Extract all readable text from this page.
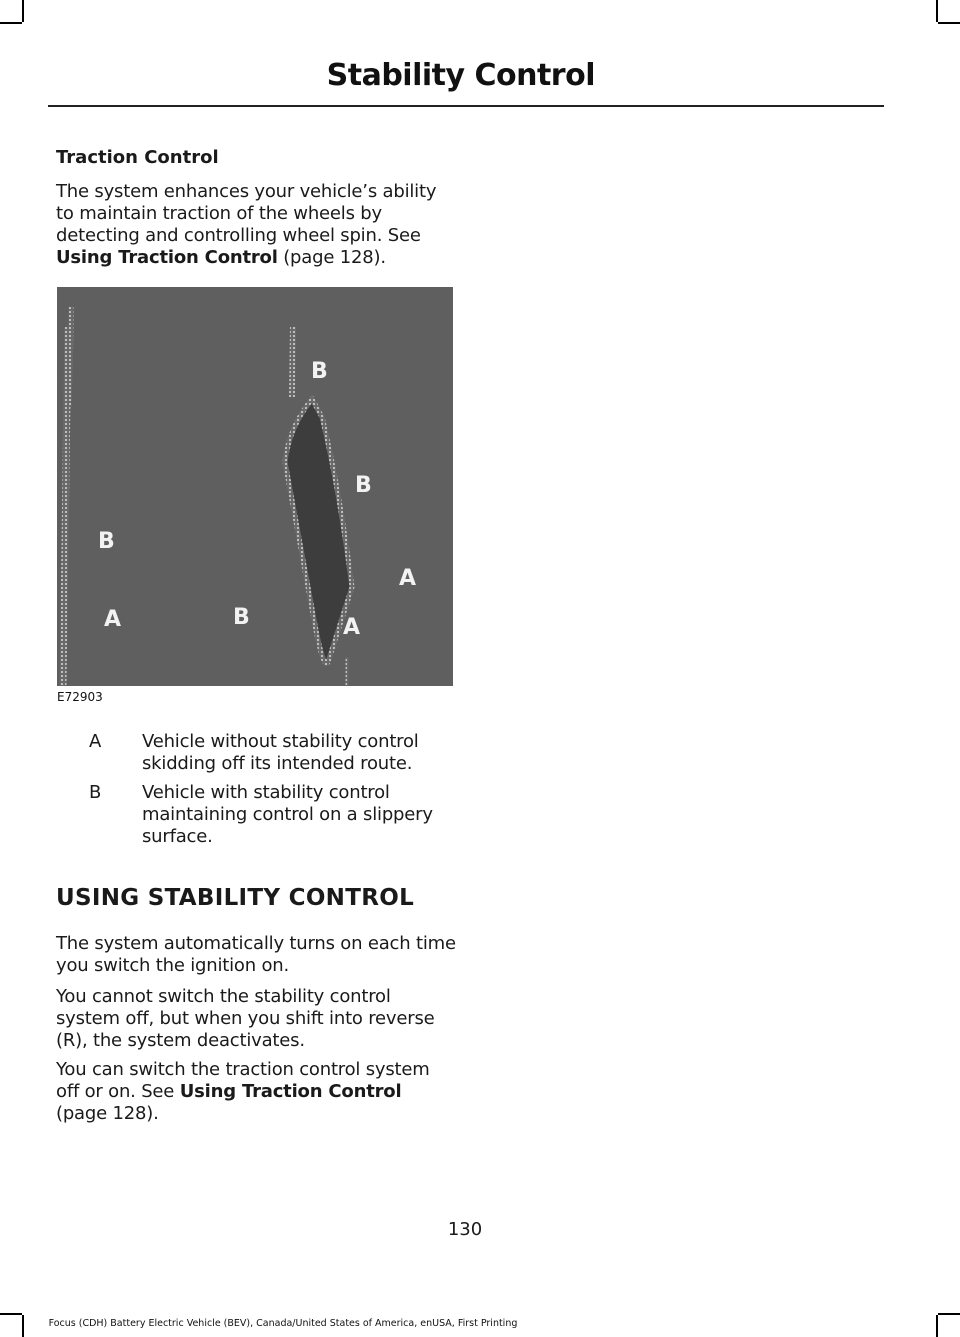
Stability Control
Traction Control

The system enhances your vehicle’s ability to maintain traction of the wheels by detecting and controlling wheel spin. See Using Traction Control (page 128).

B
B
B
A
B
A	A
E72903
A Vehicle without stability control skidding off its intended route.
B Vehicle with stability control maintaining control on a slippery surface.
USING STABILITY CONTROL

The system automatically turns on each time you switch the ignition on.

You cannot switch the stability control system off, but when you shift into reverse (R), the system deactivates.

You can switch the traction control system off or on. See Using Traction Control (page 128).

130
Focus (CDH) Battery Electric Vehicle (BEV), Canada/United States of America, enUSA, First Printing
